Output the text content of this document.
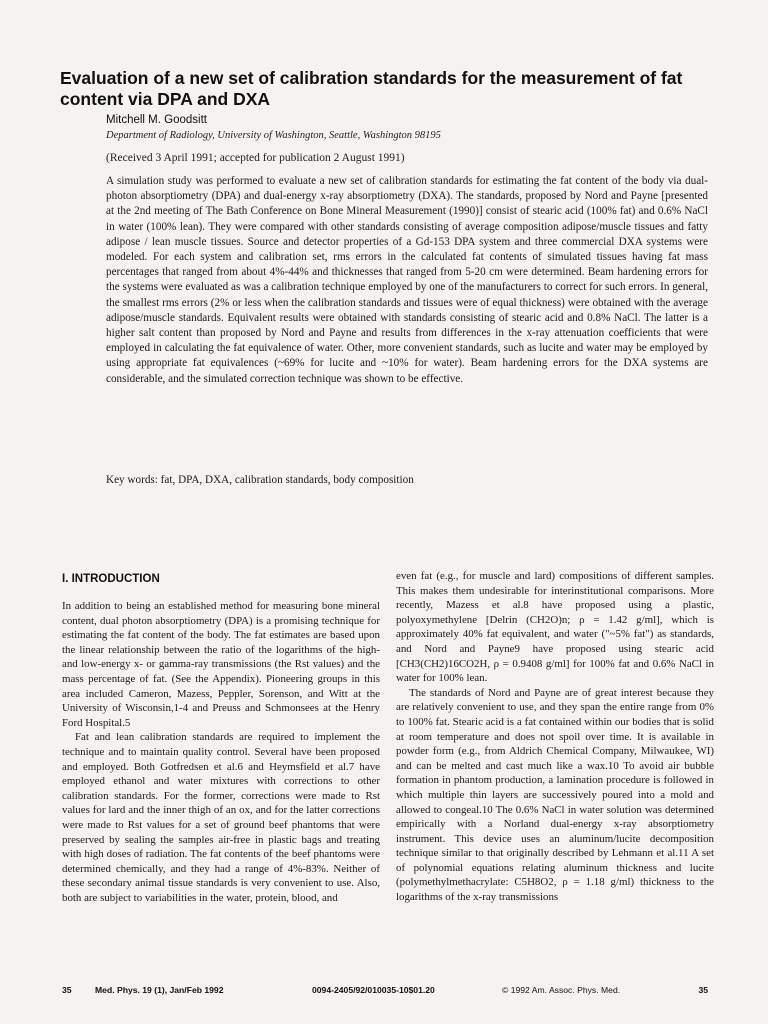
Evaluation of a new set of calibration standards for the measurement of fat content via DPA and DXA
Mitchell M. Goodsitt
Department of Radiology, University of Washington, Seattle, Washington 98195
(Received 3 April 1991; accepted for publication 2 August 1991)

A simulation study was performed to evaluate a new set of calibration standards for estimating the fat content of the body via dual-photon absorptiometry (DPA) and dual-energy x-ray absorptiometry (DXA). The standards, proposed by Nord and Payne [presented at the 2nd meeting of The Bath Conference on Bone Mineral Measurement (1990)] consist of stearic acid (100% fat) and 0.6% NaCl in water (100% lean). They were compared with other standards consisting of average composition adipose/muscle tissues and fatty adipose / lean muscle tissues. Source and detector properties of a Gd-153 DPA system and three commercial DXA systems were modeled. For each system and calibration set, rms errors in the calculated fat contents of simulated tissues having fat mass percentages that ranged from about 4%-44% and thicknesses that ranged from 5-20 cm were determined. Beam hardening errors for the systems were evaluated as was a calibration technique employed by one of the manufacturers to correct for such errors. In general, the smallest rms errors (2% or less when the calibration standards and tissues were of equal thickness) were obtained with the average adipose/muscle standards. Equivalent results were obtained with standards consisting of stearic acid and 0.8% NaCl. The latter is a higher salt content than proposed by Nord and Payne and results from differences in the x-ray attenuation coefficients that were employed in calculating the fat equivalence of water. Other, more convenient standards, such as lucite and water may be employed by using appropriate fat equivalences (~69% for lucite and ~10% for water). Beam hardening errors for the DXA systems are considerable, and the simulated correction technique was shown to be effective.

Key words: fat, DPA, DXA, calibration standards, body composition
I. INTRODUCTION

In addition to being an established method for measuring bone mineral content, dual photon absorptiometry (DPA) is a promising technique for estimating the fat content of the body. The fat estimates are based upon the linear relationship between the ratio of the logarithms of the high- and low-energy x- or gamma-ray transmissions (the Rst values) and the mass percentage of fat. (See the Appendix). Pioneering groups in this area included Cameron, Mazess, Peppler, Sorenson, and Witt at the University of Wisconsin,1-4 and Preuss and Schmonsees at the Henry Ford Hospital.5

Fat and lean calibration standards are required to implement the technique and to maintain quality control. Several have been proposed and employed. Both Gotfredsen et al.6 and Heymsfield et al.7 have employed ethanol and water mixtures with corrections to other calibration standards. For the former, corrections were made to Rst values for lard and the inner thigh of an ox, and for the latter corrections were made to Rst values for a set of ground beef phantoms that were preserved by sealing the samples air-free in plastic bags and treating with high doses of radiation. The fat contents of the beef phantoms were determined chemically, and they had a range of 4%-83%. Neither of these secondary animal tissue standards is very convenient to use. Also, both are subject to variabilities in the water, protein, blood, and

even fat (e.g., for muscle and lard) compositions of different samples. This makes them undesirable for interinstitutional comparisons. More recently, Mazess et al.8 have proposed using a plastic, polyoxymethylene [Delrin (CH2O)n; ρ = 1.42 g/ml], which is approximately 40% fat equivalent, and water ("~5% fat") as standards, and Nord and Payne9 have proposed using stearic acid [CH3(CH2)16CO2H, ρ = 0.9408 g/ml] for 100% fat and 0.6% NaCl in water for 100% lean.

The standards of Nord and Payne are of great interest because they are relatively convenient to use, and they span the entire range from 0% to 100% fat. Stearic acid is a fat contained within our bodies that is solid at room temperature and does not spoil over time. It is available in powder form (e.g., from Aldrich Chemical Company, Milwaukee, WI) and can be melted and cast much like a wax.10 To avoid air bubble formation in phantom production, a lamination procedure is followed in which multiple thin layers are successively poured into a mold and allowed to congeal.10 The 0.6% NaCl in water solution was determined empirically with a Norland dual-energy x-ray absorptiometry instrument. This device uses an aluminum/lucite decomposition technique similar to that originally described by Lehmann et al.11 A set of polynomial equations relating aluminum thickness and lucite (polymethylmethacrylate: C5H8O2, ρ = 1.18 g/ml) thickness to the logarithms of the x-ray transmissions

35	Med. Phys. 19 (1), Jan/Feb 1992	0094-2405/92/010035-10$01.20	© 1992 Am. Assoc. Phys. Med.	35
